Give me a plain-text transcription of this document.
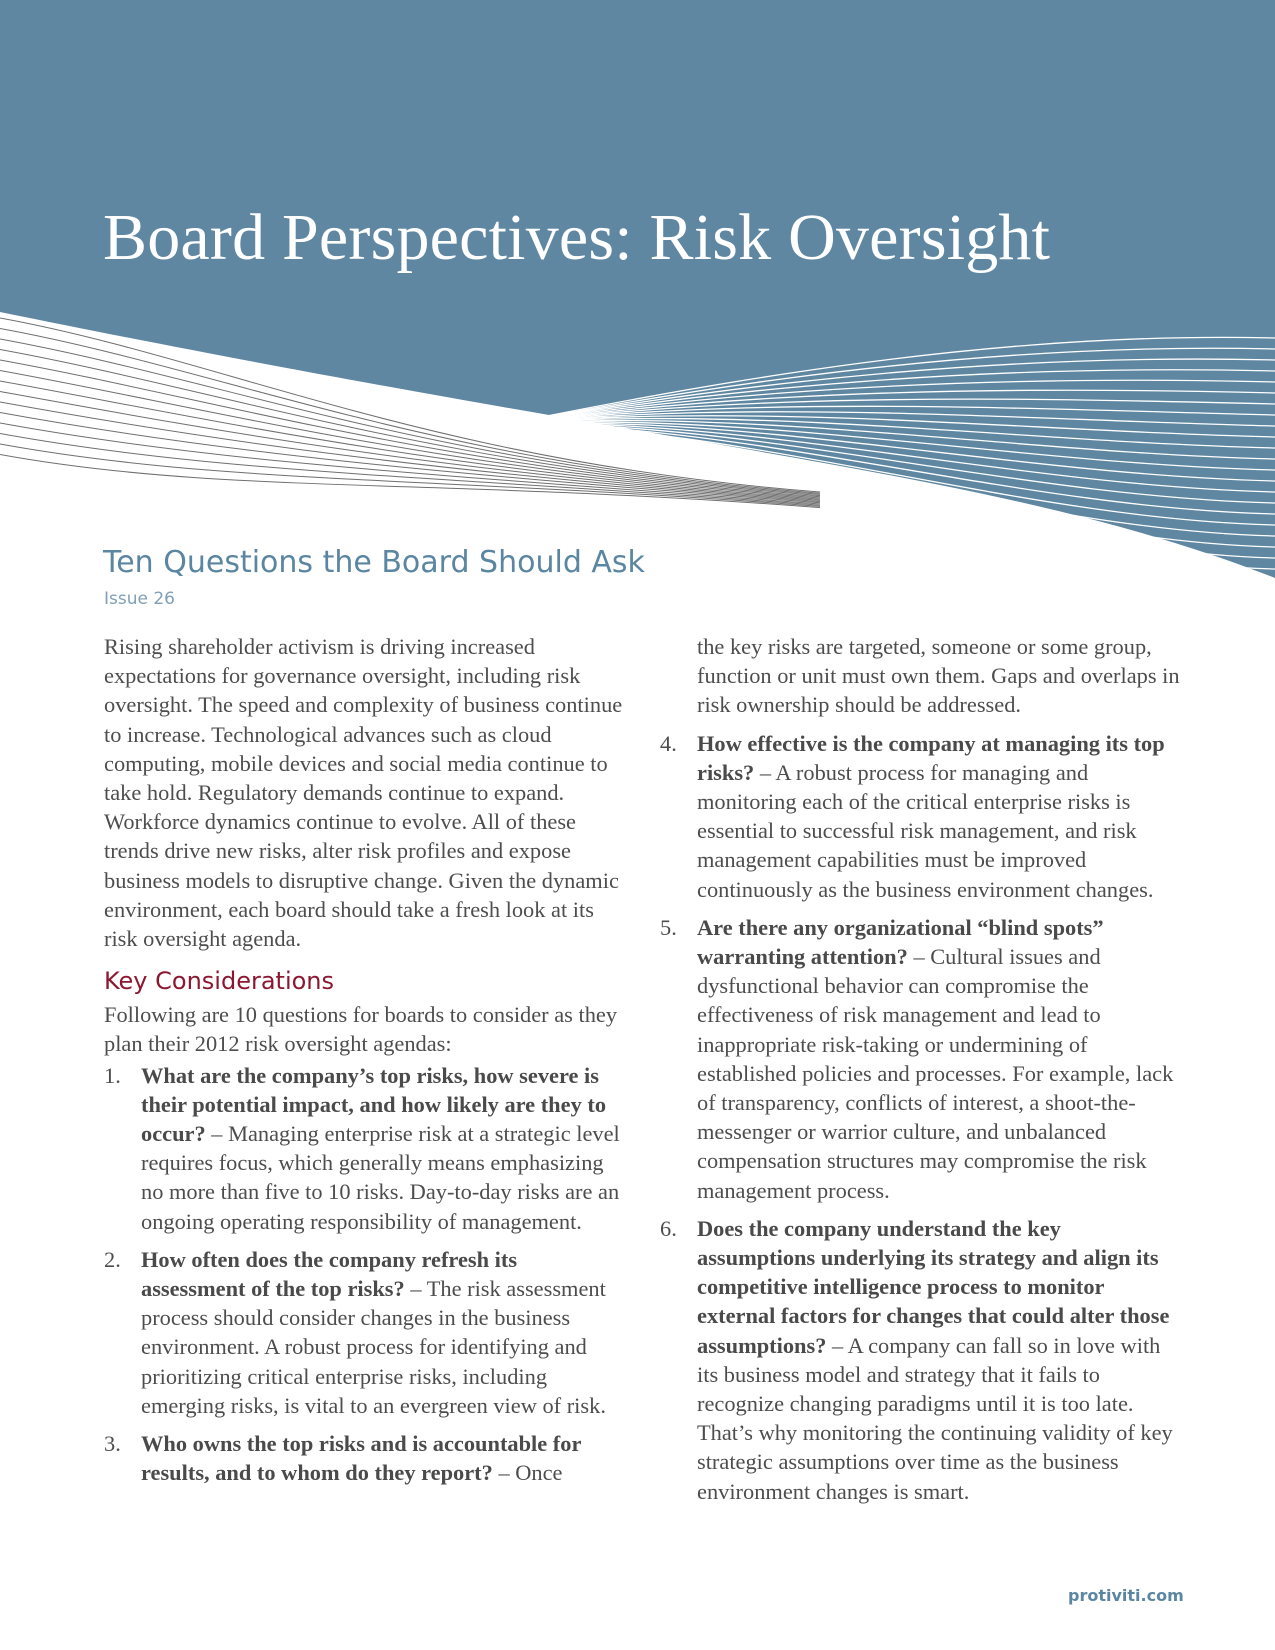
Board Perspectives: Risk Oversight
Ten Questions the Board Should Ask
Issue 26

Rising shareholder activism is driving increased expectations for governance oversight, including risk oversight. The speed and complexity of business continue to increase. Technological advances such as cloud computing, mobile devices and social media continue to take hold. Regulatory demands continue to expand. Workforce dynamics continue to evolve. All of these trends drive new risks, alter risk profiles and expose business models to disruptive change. Given the dynamic environment, each board should take a fresh look at its risk oversight agenda.

Key Considerations

Following are 10 questions for boards to consider as they plan their 2012 risk oversight agendas:

1. What are the company’s top risks, how severe is their potential impact, and how likely are they to occur? – Managing enterprise risk at a strategic level requires focus, which generally means emphasizing no more than five to 10 risks. Day-to-day risks are an ongoing operating responsibility of management.
2. How often does the company refresh its assessment of the top risks? – The risk assessment process should consider changes in the business environment. A robust process for identifying and prioritizing critical enterprise risks, including emerging risks, is vital to an evergreen view of risk.
3. Who owns the top risks and is accountable for results, and to whom do they report? – Once

the key risks are targeted, someone or some group, function or unit must own them. Gaps and overlaps in risk ownership should be addressed.

4. How effective is the company at managing its top risks? – A robust process for managing and monitoring each of the critical enterprise risks is essential to successful risk management, and risk management capabilities must be improved continuously as the business environment changes.
5. Are there any organizational “blind spots” warranting attention? – Cultural issues and dysfunctional behavior can compromise the effectiveness of risk management and lead to inappropriate risk-taking or undermining of established policies and processes. For example, lack of transparency, conflicts of interest, a shoot-the-messenger or warrior culture, and unbalanced compensation structures may compromise the risk management process.
6. Does the company understand the key assumptions underlying its strategy and align its competitive intelligence process to monitor external factors for changes that could alter those assumptions? – A company can fall so in love with its business model and strategy that it fails to recognize changing paradigms until it is too late. That’s why monitoring the continuing validity of key strategic assumptions over time as the business environment changes is smart.
protiviti.com
